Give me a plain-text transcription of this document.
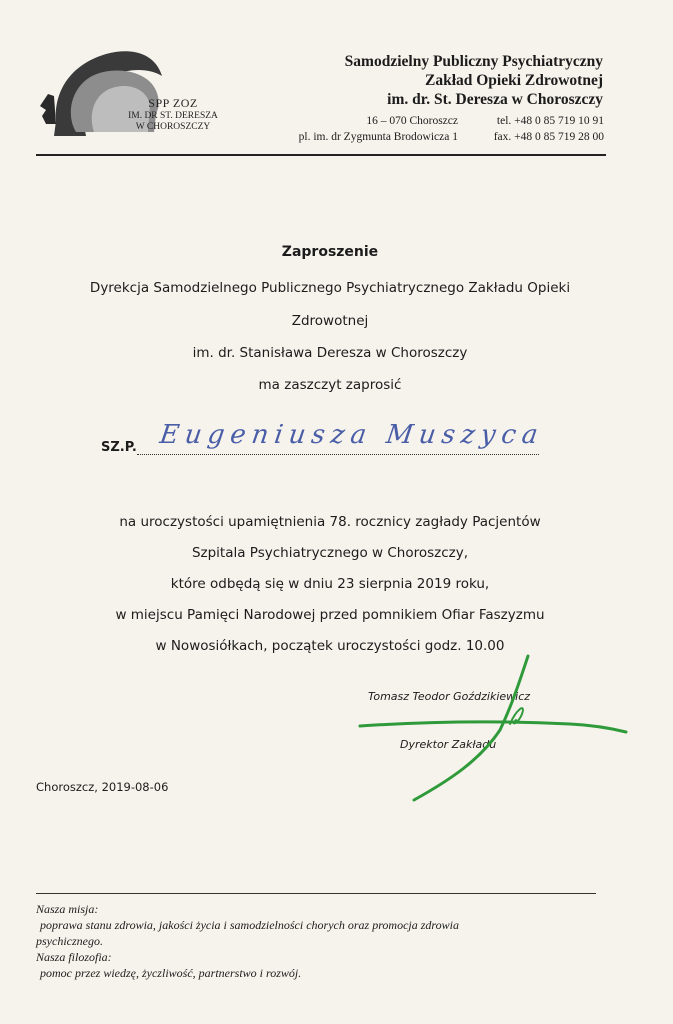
SPP ZOZ
IM. DR ST. DERESZA
W CHOROSZCZY
Samodzielny Publiczny Psychiatryczny
Zakład Opieki Zdrowotnej
im. dr. St. Deresza w Choroszczy
16 – 070 Choroszcz	tel. +48 0 85 719 10 91
pl. im. dr Zygmunta Brodowicza 1	fax. +48 0 85 719 28 00
Zaproszenie
Dyrekcja Samodzielnego Publicznego Psychiatrycznego Zakładu Opieki
Zdrowotnej
im. dr. Stanisława Deresza w Choroszczy
ma zaszczyt zaprosić
SZ.P. Eugeniusza Muszyca
na uroczystości upamiętnienia 78. rocznicy zagłady Pacjentów
Szpitala Psychiatrycznego w Choroszczy,
które odbędą się w dniu 23 sierpnia 2019 roku,
w miejscu Pamięci Narodowej przed pomnikiem Ofiar Faszyzmu
w Nowosiółkach, początek uroczystości godz. 10.00
Tomasz Teodor Goździkiewicz
Dyrektor Zakładu
Choroszcz, 2019-08-06
Nasza misja:
poprawa stanu zdrowia, jakości życia i samodzielności chorych oraz promocja zdrowia
psychicznego.
Nasza filozofia:
pomoc przez wiedzę, życzliwość, partnerstwo i rozwój.
